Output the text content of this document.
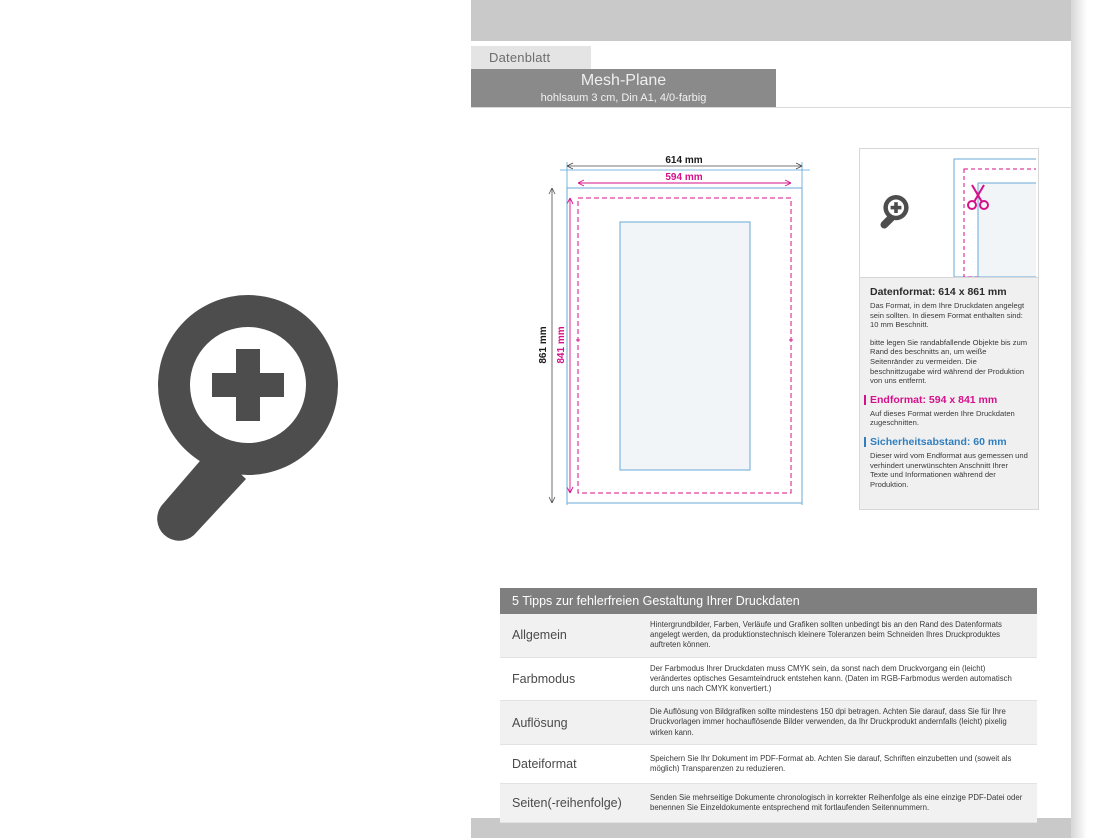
Datenblatt
Mesh-Plane
hohlsaum 3 cm, Din A1, 4/0-farbig
614 mm
594 mm
861 mm 841 mm
Datenformat: 614 x 861 mm
Das Format, in dem Ihre Druckdaten angelegt sein sollten. In diesem Format enthalten sind: 10 mm Beschnitt.
bitte legen Sie randabfallende Objekte bis zum Rand des beschnitts an, um weiße Seitenränder zu vermeiden. Die beschnittzugabe wird während der Produktion von uns entfernt.
Endformat: 594 x 841 mm
Auf dieses Format werden Ihre Druckdaten zugeschnitten.
Sicherheitsabstand: 60 mm
Dieser wird vom Endformat aus gemessen und verhindert unerwünschten Anschnitt Ihrer Texte und Informationen während der Produktion.
5 Tipps zur fehlerfreien Gestaltung Ihrer Druckdaten
Allgemein
Hintergrundbilder, Farben, Verläufe und Grafiken sollten unbedingt bis an den Rand des Datenformats angelegt werden, da produktionstechnisch kleinere Toleranzen beim Schneiden Ihres Druckproduktes auftreten können.
Farbmodus
Der Farbmodus Ihrer Druckdaten muss CMYK sein, da sonst nach dem Druckvorgang ein (leicht) verändertes optisches Gesamteindruck entstehen kann. (Daten im RGB-Farbmodus werden automatisch durch uns nach CMYK konvertiert.)
Auflösung
Die Auflösung von Bildgrafiken sollte mindestens 150 dpi betragen. Achten Sie darauf, dass Sie für Ihre Druckvorlagen immer hochauflösende Bilder verwenden, da Ihr Druckprodukt andernfalls (leicht) pixelig wirken kann.
Dateiformat	Speichern Sie Ihr Dokument im PDF-Format ab. Achten Sie darauf, Schriften einzubetten und (soweit als möglich) Transparenzen zu reduzieren.
Seiten(-reihenfolge)	Senden Sie mehrseitige Dokumente chronologisch in korrekter Reihenfolge als eine einzige PDF-Datei oder benennen Sie Einzeldokumente entsprechend mit fortlaufenden Seitennummern.
